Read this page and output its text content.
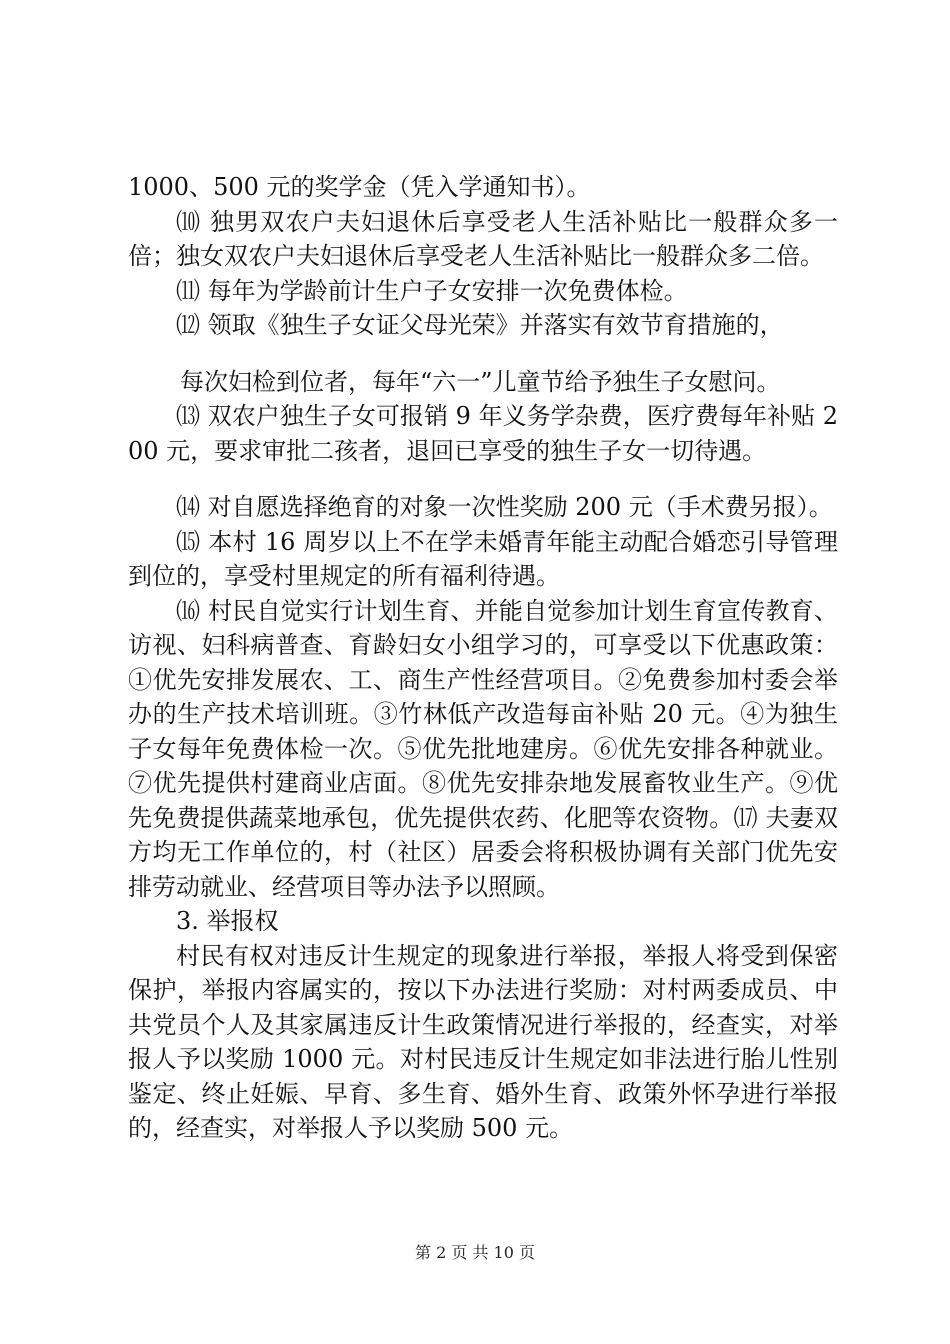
1000、500 元的奖学金（凭入学通知书）。

⑽ 独男双农户夫妇退休后享受老人生活补贴比一般群众多一倍；独女双农户夫妇退休后享受老人生活补贴比一般群众多二倍。

⑾ 每年为学龄前计生户子女安排一次免费体检。

⑿ 领取《独生子女证父母光荣》并落实有效节育措施的，

每次妇检到位者，每年“六一”儿童节给予独生子女慰问。

⒀ 双农户独生子女可报销 9 年义务学杂费，医疗费每年补贴 200 元，要求审批二孩者，退回已享受的独生子女一切待遇。

⒁ 对自愿选择绝育的对象一次性奖励 200 元（手术费另报）。

⒂ 本村 16 周岁以上不在学未婚青年能主动配合婚恋引导管理到位的，享受村里规定的所有福利待遇。

⒃ 村民自觉实行计划生育、并能自觉参加计划生育宣传教育、访视、妇科病普查、育龄妇女小组学习的，可享受以下优惠政策：①优先安排发展农、工、商生产性经营项目。②免费参加村委会举办的生产技术培训班。③竹林低产改造每亩补贴 20 元。④为独生子女每年免费体检一次。⑤优先批地建房。⑥优先安排各种就业。⑦优先提供村建商业店面。⑧优先安排杂地发展畜牧业生产。⑨优先免费提供蔬菜地承包，优先提供农药、化肥等农资物。⒄ 夫妻双方均无工作单位的，村（社区）居委会将积极协调有关部门优先安排劳动就业、经营项目等办法予以照顾。

3. 举报权

村民有权对违反计生规定的现象进行举报，举报人将受到保密保护，举报内容属实的，按以下办法进行奖励：对村两委成员、中共党员个人及其家属违反计生政策情况进行举报的，经查实，对举报人予以奖励 1000 元。对村民违反计生规定如非法进行胎儿性别鉴定、终止妊娠、早育、多生育、婚外生育、政策外怀孕进行举报的，经查实，对举报人予以奖励 500 元。

第 2 页 共 10 页
